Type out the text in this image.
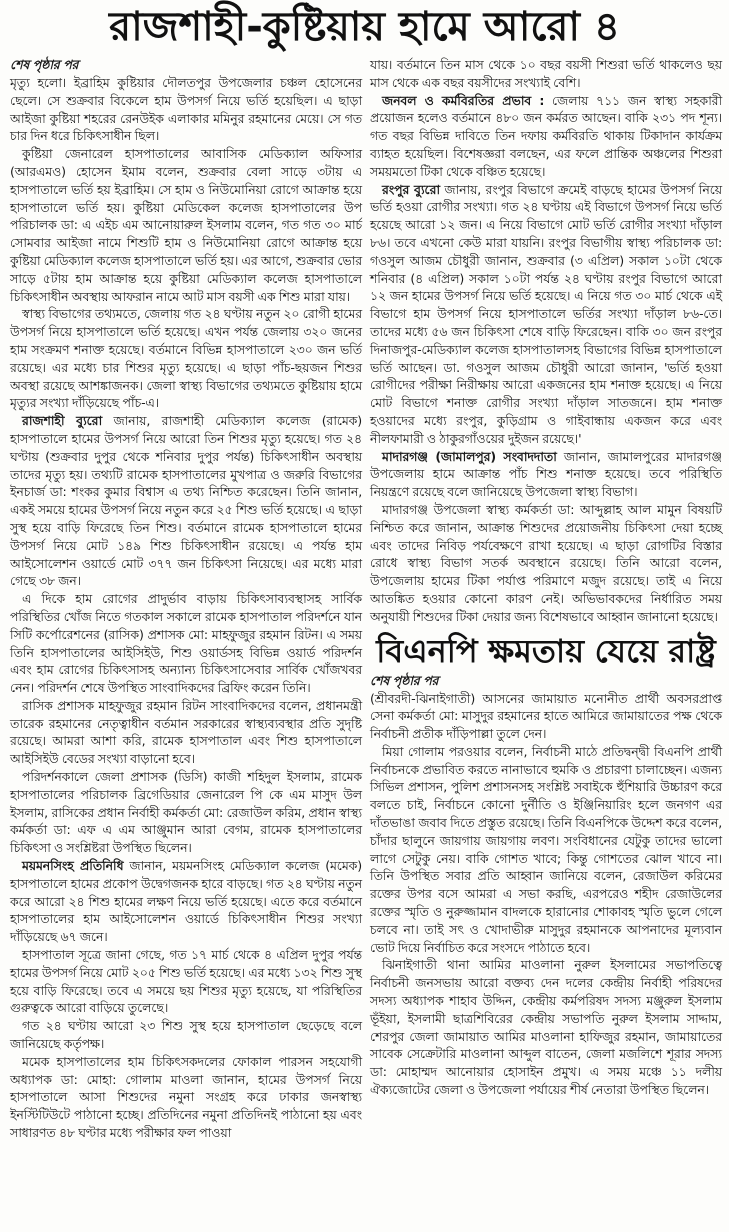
রাজশাহী-কুষ্টিয়ায় হামে আরো ৪

শেষ পৃষ্ঠার পর

মৃত্যু হলো। ইব্রাহিম কুষ্টিয়ার দৌলতপুর উপজেলার চঞ্চল হোসেনের ছেলে। সে শুক্রবার বিকেলে হাম উপসর্গ নিয়ে ভর্তি হয়েছিল। এ ছাড়া আইজা কুষ্টিয়া শহরের রেনউইক এলাকার মমিনুর রহমানের মেয়ে। সে গত চার দিন ধরে চিকিৎসাধীন ছিল।

কুষ্টিয়া জেনারেল হাসপাতালের আবাসিক মেডিক্যাল অফিসার (আরএমও) হোসেন ইমাম বলেন, শুক্রবার বেলা সাড়ে ৩টায় এ হাসপাতালে ভর্তি হয় ইব্রাহিম। সে হাম ও নিউমোনিয়া রোগে আক্রান্ত হয়ে হাসপাতালে ভর্তি হয়। কুষ্টিয়া মেডিকেল কলেজ হাসপাতালের উপ পরিচালক ডা: এ এইচ এম আনোয়ারুল ইসলাম বলেন, গত গত ৩০ মার্চ সোমবার আইজা নামে শিশুটি হাম ও নিউমোনিয়া রোগে আক্রান্ত হয়ে কুষ্টিয়া মেডিক্যাল কলেজ হাসপাতালে ভর্তি হয়। এর আগে, শুক্রবার ভোর সাড়ে ৫টায় হাম আক্রান্ত হয়ে কুষ্টিয়া মেডিক্যাল কলেজ হাসপাতালে চিকিৎসাধীন অবস্থায় আফরান নামে আট মাস বয়সী এক শিশু মারা যায়।

স্বাস্থ্য বিভাগের তথ্যমতে, জেলায় গত ২৪ ঘণ্টায় নতুন ২০ রোগী হামের উপসর্গ নিয়ে হাসপাতালে ভর্তি হয়েছে। এখন পর্যন্ত জেলায় ৩২০ জনের হাম সংক্রমণ শনাক্ত হয়েছে। বর্তমানে বিভিন্ন হাসপাতালে ২৩০ জন ভর্তি রয়েছে। এর মধ্যে চার শিশুর মৃত্যু হয়েছে। এ ছাড়া পাঁচ-ছয়জন শিশুর অবস্থা রয়েছে আশঙ্কাজনক। জেলা স্বাস্থ্য বিভাগের তথ্যমতে কুষ্টিয়ায় হামে মৃত্যুর সংখ্যা দাঁড়িয়েছে পাঁচ-এ।

রাজশাহী ব্যুরো জানায়, রাজশাহী মেডিক্যাল কলেজ (রামেক) হাসপাতালে হামের উপসর্গ নিয়ে আরো তিন শিশুর মৃত্যু হয়েছে। গত ২৪ ঘণ্টায় (শুক্রবার দুপুর থেকে শনিবার দুপুর পর্যন্ত) চিকিৎসাধীন অবস্থায় তাদের মৃত্যু হয়। তথ্যটি রামেক হাসপাতালের মুখপাত্র ও জরুরি বিভাগের ইনচার্জ ডা: শংকর কুমার বিশ্বাস এ তথ্য নিশ্চিত করেছেন। তিনি জানান, একই সময়ে হামের উপসর্গ নিয়ে নতুন করে ২৫ শিশু ভর্তি হয়েছে। এ ছাড়া সুস্থ হয়ে বাড়ি ফিরেছে তিন শিশু। বর্তমানে রামেক হাসপাতালে হামের উপসর্গ নিয়ে মোট ১৪৯ শিশু চিকিৎসাধীন রয়েছে। এ পর্যন্ত হাম আইসোলেশন ওয়ার্ডে মোট ৩৭৭ জন চিকিৎসা নিয়েছে। এর মধ্যে মারা গেছে ৩৮ জন।

এ দিকে হাম রোগের প্রাদুর্ভাব বাড়ায় চিকিৎসাব্যবস্থাসহ সার্বিক পরিস্থিতির খোঁজ নিতে গতকাল সকালে রামেক হাসপাতাল পরিদর্শনে যান সিটি কর্পোরেশনের (রাসিক) প্রশাসক মো: মাহফুজুর রহমান রিটন। এ সময় তিনি হাসপাতালের আইসিইউ, শিশু ওয়ার্ডসহ বিভিন্ন ওয়ার্ড পরিদর্শন এবং হাম রোগের চিকিৎসাসহ অন্যান্য চিকিৎসাসেবার সার্বিক খোঁজখবর নেন। পরিদর্শন শেষে উপস্থিত সাংবাদিকদের ব্রিফিং করেন তিনি।

রাসিক প্রশাসক মাহফুজুর রহমান রিটন সাংবাদিকদের বলেন, প্রধানমন্ত্রী তারেক রহমানের নেতৃত্বাধীন বর্তমান সরকারের স্বাস্থ্যব্যবস্থার প্রতি সুদৃষ্টি রয়েছে। আমরা আশা করি, রামেক হাসপাতাল এবং শিশু হাসপাতালে আইসিইউ বেডের সংখ্যা বাড়ানো হবে।

পরিদর্শনকালে জেলা প্রশাসক (ডিসি) কাজী শহিদুল ইসলাম, রামেক হাসপাতালের পরিচালক ব্রিগেডিয়ার জেনারেল পি কে এম মাসুদ উল ইসলাম, রাসিকের প্রধান নির্বাহী কর্মকর্তা মো: রেজাউল করিম, প্রধান স্বাস্থ্য কর্মকর্তা ডা: এফ এ এম আঞ্জুমান আরা বেগম, রামেক হাসপাতালের চিকিৎসা ও সংশ্লিষ্টরা উপস্থিত ছিলেন।

ময়মনসিংহ প্রতিনিধি জানান, ময়মনসিংহ মেডিক্যাল কলেজ (মমেক) হাসপাতালে হামের প্রকোপ উদ্বেগজনক হারে বাড়ছে। গত ২৪ ঘণ্টায় নতুন করে আরো ২৪ শিশু হামের লক্ষণ নিয়ে ভর্তি হয়েছে। এতে করে বর্তমানে হাসপাতালের হাম আইসোলেশন ওয়ার্ডে চিকিৎসাধীন শিশুর সংখ্যা দাঁড়িয়েছে ৬৭ জনে।

হাসপাতাল সূত্রে জানা গেছে, গত ১৭ মার্চ থেকে ৪ এপ্রিল দুপুর পর্যন্ত হামের উপসর্গ নিয়ে মোট ২০৫ শিশু ভর্তি হয়েছে। এর মধ্যে ১৩২ শিশু সুস্থ হয়ে বাড়ি ফিরেছে। তবে এ সময়ে ছয় শিশুর মৃত্যু হয়েছে, যা পরিস্থিতির গুরুত্বকে আরো বাড়িয়ে তুলেছে।

গত ২৪ ঘণ্টায় আরো ২৩ শিশু সুস্থ হয়ে হাসপাতাল ছেড়েছে বলে জানিয়েছে কর্তৃপক্ষ।

মমেক হাসপাতালের হাম চিকিৎসকদলের ফোকাল পারসন সহযোগী অধ্যাপক ডা: মোহা: গোলাম মাওলা জানান, হামের উপসর্গ নিয়ে হাসপাতালে আসা শিশুদের নমুনা সংগ্রহ করে ঢাকার জনস্বাস্থ্য ইনস্টিটিউটে পাঠানো হচ্ছে। প্রতিদিনের নমুনা প্রতিদিনই পাঠানো হয় এবং সাধারণত ৪৮ ঘণ্টার মধ্যে পরীক্ষার ফল পাওয়া

যায়। বর্তমানে তিন মাস থেকে ১০ বছর বয়সী শিশুরা ভর্তি থাকলেও ছয় মাস থেকে এক বছর বয়সীদের সংখ্যাই বেশি।

জনবল ও কর্মবিরতির প্রভাব : জেলায় ৭১১ জন স্বাস্থ্য সহকারী প্রয়োজন হলেও বর্তমানে ৪৮০ জন কর্মরত আছেন। বাকি ২৩১ পদ শূন্য। গত বছর বিভিন্ন দাবিতে তিন দফায় কর্মবিরতি থাকায় টিকাদান কার্যক্রম ব্যাহত হয়েছিল। বিশেষজ্ঞরা বলছেন, এর ফলে প্রান্তিক অঞ্চলের শিশুরা সময়মতো টিকা থেকে বঞ্চিত হয়েছে।

রংপুর ব্যুরো জানায়, রংপুর বিভাগে ক্রমেই বাড়ছে হামের উপসর্গ নিয়ে ভর্তি হওয়া রোগীর সংখ্যা। গত ২৪ ঘণ্টায় এই বিভাগে উপসর্গ নিয়ে ভর্তি হয়েছে আরো ১২ জন। এ নিয়ে বিভাগে মোট ভর্তি রোগীর সংখ্যা দাঁড়াল ৮৬। তবে এখনো কেউ মারা যায়নি। রংপুর বিভাগীয় স্বাস্থ্য পরিচালক ডা: গওসুল আজম চৌধুরী জানান, শুক্রবার (৩ এপ্রিল) সকাল ১০টা থেকে শনিবার (৪ এপ্রিল) সকাল ১০টা পর্যন্ত ২৪ ঘণ্টায় রংপুর বিভাগে আরো ১২ জন হামের উপসর্গ নিয়ে ভর্তি হয়েছে। এ নিয়ে গত ৩০ মার্চ থেকে এই বিভাগে হাম উপসর্গ নিয়ে হাসপাতালে ভর্তির সংখ্যা দাঁড়াল ৮৬-তে। তাদের মধ্যে ৫৬ জন চিকিৎসা শেষে বাড়ি ফিরেছেন। বাকি ৩০ জন রংপুর দিনাজপুর-মেডিক্যাল কলেজ হাসপাতালসহ বিভাগের বিভিন্ন হাসপাতালে ভর্তি আছেন। ডা. গওসুল আজম চৌধুরী আরো জানান, 'ভর্তি হওয়া রোগীদের পরীক্ষা নিরীক্ষায় আরো একজনের হাম শনাক্ত হয়েছে। এ নিয়ে মোট বিভাগে শনাক্ত রোগীর সংখ্যা দাঁড়াল সাতজনে। হাম শনাক্ত হওয়াদের মধ্যে রংপুর, কুড়িগ্রাম ও গাইবান্ধায় একজন করে এবং নীলফামারী ও ঠাকুরগাঁওয়ের দুইজন রয়েছে।'

মাদারগঞ্জ (জামালপুর) সংবাদদাতা জানান, জামালপুরের মাদারগঞ্জ উপজেলায় হামে আক্রান্ত পাঁচ শিশু শনাক্ত হয়েছে। তবে পরিস্থিতি নিয়ন্ত্রণে রয়েছে বলে জানিয়েছে উপজেলা স্বাস্থ্য বিভাগ।

মাদারগঞ্জ উপজেলা স্বাস্থ্য কর্মকর্তা ডা: আব্দুল্লাহ আল মামুন বিষয়টি নিশ্চিত করে জানান, আক্রান্ত শিশুদের প্রয়োজনীয় চিকিৎসা দেয়া হচ্ছে এবং তাদের নিবিড় পর্যবেক্ষণে রাখা হয়েছে। এ ছাড়া রোগটির বিস্তার রোধে স্বাস্থ্য বিভাগ সতর্ক অবস্থানে রয়েছে। তিনি আরো বলেন, উপজেলায় হামের টিকা পর্যাপ্ত পরিমাণে মজুদ রয়েছে। তাই এ নিয়ে আতঙ্কিত হওয়ার কোনো কারণ নেই। অভিভাবকদের নির্ধারিত সময় অনুযায়ী শিশুদের টিকা দেয়ার জন্য বিশেষভাবে আহ্বান জানানো হয়েছে।

বিএনপি ক্ষমতায় যেয়ে রাষ্ট্র

শেষ পৃষ্ঠার পর

(শ্রীবরদী-ঝিনাইগাতী) আসনের জামায়াত মনোনীত প্রার্থী অবসরপ্রাপ্ত সেনা কর্মকর্তা মো: মাসুদুর রহমানের হাতে আমিরে জামায়াতের পক্ষ থেকে নির্বাচনী প্রতীক দাঁড়িপাল্লা তুলে দেন।

মিয়া গোলাম পরওয়ার বলেন, নির্বাচনী মাঠে প্রতিদ্বন্দ্বী বিএনপি প্রার্থী নির্বাচনকে প্রভাবিত করতে নানাভাবে হুমকি ও প্রচারণা চালাচ্ছেন। এজন্য সিভিল প্রশাসন, পুলিশ প্রশাসনসহ সংশ্লিষ্ট সবাইকে হুঁশিয়ারি উচ্চারণ করে বলতে চাই, নির্বাচনে কোনো দুর্নীতি ও ইঞ্জিনিয়ারিং হলে জনগণ এর দাঁতভাঙা জবাব দিতে প্রস্তুত রয়েছে। তিনি বিএনপিকে উদ্দেশ করে বলেন, চাঁদার ছালুনে জায়গায় জায়গায় লবণ। সংবিধানের যেটুকু তাদের ভালো লাগে সেটুকু নেয়। বাকি গোশত খাবে; কিন্তু গোশতের ঝোল খাবে না। তিনি উপস্থিত সবার প্রতি আহ্বান জানিয়ে বলেন, রেজাউল করিমের রক্তের উপর বসে আমরা এ সভা করছি, এরপরেও শহীদ রেজাউলের রক্তের স্মৃতি ও নুরুজ্জামান বাদলকে হারানোর শোকাবহ স্মৃতি ভুলে গেলে চলবে না। তাই সৎ ও খোদাভীরু মাসুদুর রহমানকে আপনাদের মূল্যবান ভোট দিয়ে নির্বাচিত করে সংসদে পাঠাতে হবে।

ঝিনাইগাতী থানা আমির মাওলানা নুরুল ইসলামের সভাপতিত্বে নির্বাচনী জনসভায় আরো বক্তব্য দেন দলের কেন্দ্রীয় নির্বাহী পরিষদের সদস্য অধ্যাপক শাহাব উদ্দিন, কেন্দ্রীয় কর্মপরিষদ সদস্য মঞ্জুরুল ইসলাম ভূঁইয়া, ইসলামী ছাত্রশিবিরের কেন্দ্রীয় সভাপতি নুরুল ইসলাম সাদ্দাম, শেরপুর জেলা জামায়াত আমির মাওলানা হাফিজুর রহমান, জামায়াতের সাবেক সেক্রেটারি মাওলানা আব্দুল বাতেন, জেলা মজলিশে শূরার সদস্য ডা: মোহাম্মদ আনোয়ার হোসাইন প্রমুখ। এ সময় মঞ্চে ১১ দলীয় ঐক্যজোটের জেলা ও উপজেলা পর্যায়ের শীর্ষ নেতারা উপস্থিত ছিলেন।
